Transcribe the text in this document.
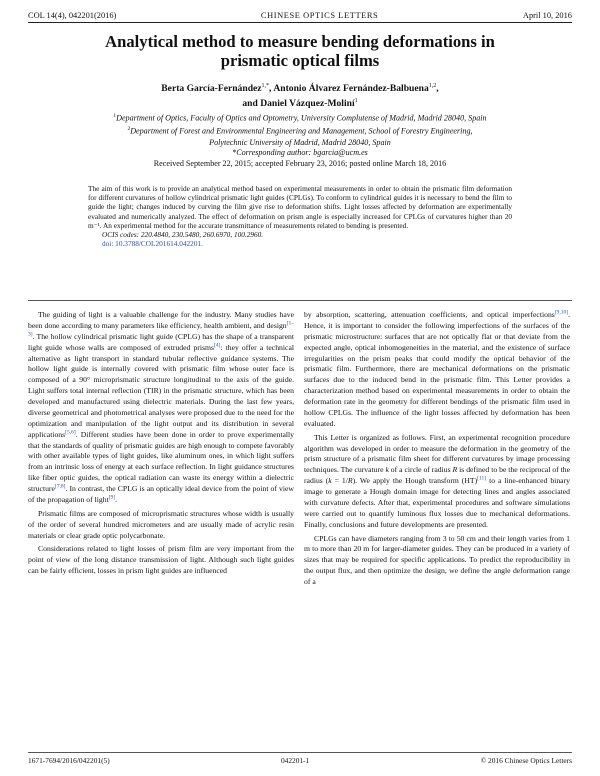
COL 14(4), 042201(2016)	CHINESE OPTICS LETTERS	April 10, 2016
Analytical method to measure bending deformations in
prismatic optical films
Berta García-Fernández$^{1,*}$, Antonio Álvarez Fernández-Balbuena$^{1,2}$,
and Daniel Vázquez-Moliní$^1$
$^1$Department of Optics, Faculty of Optics and Optometry, University Complutense of Madrid, Madrid 28040, Spain
$^2$Department of Forest and Environmental Engineering and Management, School of Forestry Engineering,
Polytechnic University of Madrid, Madrid 28040, Spain
*Corresponding author: bgarcia@ucm.es
Received September 22, 2015; accepted February 23, 2016; posted online March 18, 2016
The aim of this work is to provide an analytical method based on experimental measurements in order to obtain the prismatic film deformation for different curvatures of hollow cylindrical prismatic light guides (CPLGs). To conform to cylindrical guides it is necessary to bend the film to guide the light; changes induced by curving the film give rise to deformation shifts. Light losses affected by deformation are experimentally evaluated and numerically analyzed. The effect of deformation on prism angle is especially increased for CPLGs of curvatures higher than 20 m⁻¹. An experimental method for the accurate transmittance of measurements related to bending is presented.
OCIS codes: 220.4840, 230.5480, 260.6970, 100.2960.
doi: 10.3788/COL201614.042201.

The guiding of light is a valuable challenge for the industry. Many studies have been done according to many parameters like efficiency, health ambient, and design[1–3]. The hollow cylindrical prismatic light guide (CPLG) has the shape of a transparent light guide whose walls are composed of extruded prisms[4]: they offer a technical alternative as light transport in standard tubular reflective guidance systems. The hollow light guide is internally covered with prismatic film whose outer face is composed of a 90° microprismatic structure longitudinal to the axis of the guide. Light suffers total internal reflection (TIR) in the prismatic structure, which has been developed and manufactured using dielectric materials. During the last few years, diverse geometrical and photometrical analyses were proposed due to the need for the optimization and manipulation of the light output and its distribution in several applications[5,6]. Different studies have been done in order to prove experimentally that the standards of quality of prismatic guides are high enough to compete favorably with other available types of light guides, like aluminum ones, in which light suffers from an intrinsic loss of energy at each surface reflection. In light guidance structures like fiber optic guides, the optical radiation can waste its energy within a dielectric structure[7,8]. In contrast, the CPLG is an optically ideal device from the point of view of the propagation of light[9].

Prismatic films are composed of microprismatic structures whose width is usually of the order of several hundred micrometers and are usually made of acrylic resin materials or clear grade optic polycarbonate.

Considerations related to light losses of prism film are very important from the point of view of the long distance transmission of light. Although such light guides can be fairly efficient, losses in prism light guides are influenced

by absorption, scattering, attenuation coefficients, and optical imperfections[9,10]. Hence, it is important to consider the following imperfections of the surfaces of the prismatic microstructure: surfaces that are not optically flat or that deviate from the expected angle, optical inhomogeneities in the material, and the existence of surface irregularities on the prism peaks that could modify the optical behavior of the prismatic film. Furthermore, there are mechanical deformations on the prismatic surfaces due to the induced bend in the prismatic film. This Letter provides a characterization method based on experimental measurements in order to obtain the deformation rate in the geometry for different bendings of the prismatic film used in hollow CPLGs. The influence of the light losses affected by deformation has been evaluated.

This Letter is organized as follows. First, an experimental recognition procedure algorithm was developed in order to measure the deformation in the geometry of the prism structure of a prismatic film sheet for different curvatures by image processing techniques. The curvature k of a circle of radius R is defined to be the reciprocal of the radius (k = 1/R). We apply the Hough transform (HT)[11] to a line-enhanced binary image to generate a Hough domain image for detecting lines and angles associated with curvature defects. After that, experimental procedures and software simulations were carried out to quantify luminous flux losses due to mechanical deformations. Finally, conclusions and future developments are presented.

CPLGs can have diameters ranging from 3 to 50 cm and their length varies from 1 m to more than 20 m for larger-diameter guides. They can be produced in a variety of sizes that may be required for specific applications. To predict the reproducibility in the output flux, and then optimize the design, we define the angle deformation range of a

1671-7694/2016/042201(5)	042201-1	© 2016 Chinese Optics Letters
